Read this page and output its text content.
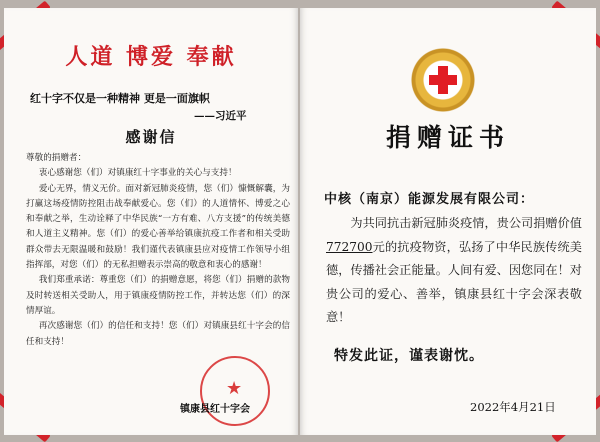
人道 博爱 奉献
红十字不仅是一种精神 更是一面旗帜
——习近平
感谢信

尊敬的捐赠者：

衷心感谢您（们）对镇康红十字事业的关心与支持！

爱心无界，情义无价。面对新冠肺炎疫情，您（们）慷慨解囊，为打赢这场疫情防控阻击战奉献爱心。您（们）的人道情怀、博爱之心和奉献之举，生动诠释了中华民族“一方有难、八方支援”的传统美德和人道主义精神。您（们）的爱心善举给镇康抗疫工作者和相关受助群众带去无限温暖和鼓励！我们谨代表镇康县应对疫情工作领导小组指挥部，对您（们）的无私担赠表示崇高的敬意和衷心的感谢！

我们郑重承诺：尊重您（们）的捐赠意愿，将您（们）捐赠的款物及时转送相关受助人，用于镇康疫情防控工作，并转达您（们）的深情厚谊。

再次感谢您（们）的信任和支持！您（们）对镇康县红十字会的信任和支持！

★
镇康县红十字会
捐赠证书
中核（南京）能源发展有限公司：

为共同抗击新冠肺炎疫情，贵公司捐赠价值772700元的抗疫物资，弘扬了中华民族传统美德，传播社会正能量。人间有爱、因您同在！对贵公司的爱心、善举，镇康县红十字会深表敬意！

特发此证，谨表谢忱。
2022年4月21日
